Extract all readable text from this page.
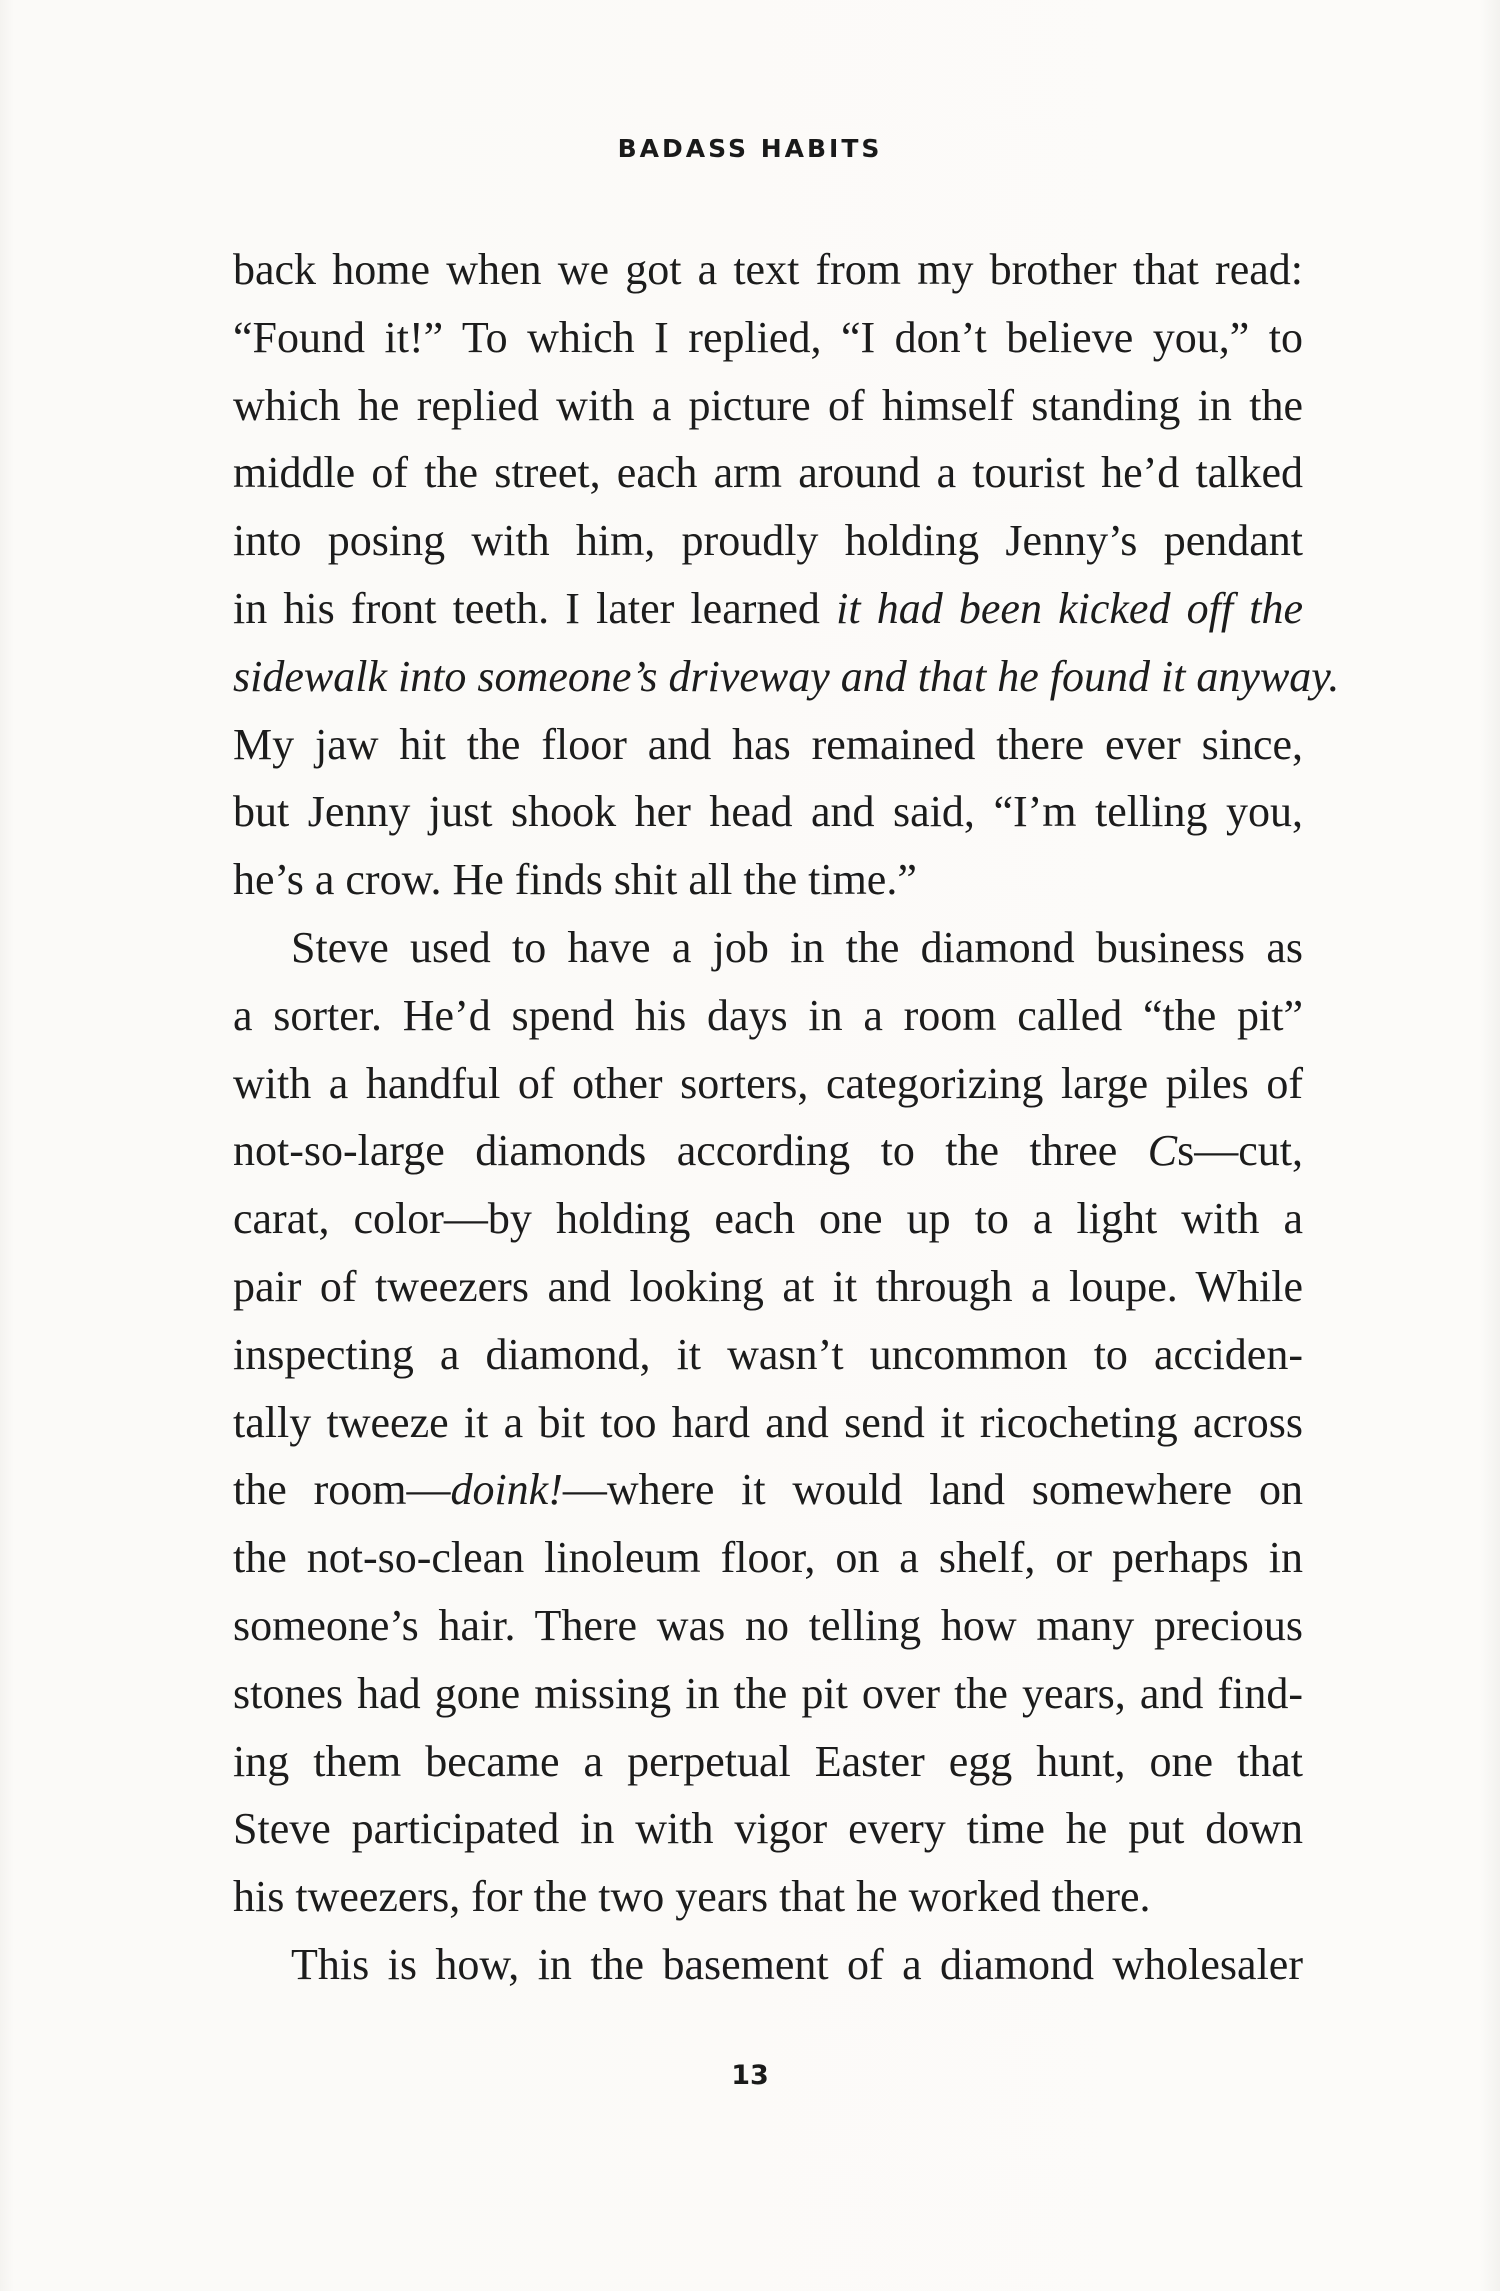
BADASS HABITS
back home when we got a text from my brother that read:
“Found it!” To which I replied, “I don’t believe you,” to
which he replied with a picture of himself standing in the
middle of the street, each arm around a tourist he’d talked
into posing with him, proudly holding Jenny’s pendant
in his front teeth. I later learned it had been kicked off the
sidewalk into someone’s driveway and that he found it anyway.
My jaw hit the floor and has remained there ever since,
but Jenny just shook her head and said, “I’m telling you,
he’s a crow. He finds shit all the time.”
Steve used to have a job in the diamond business as
a sorter. He’d spend his days in a room called “the pit”
with a handful of other sorters, categorizing large piles of
not-so-large diamonds according to the three Cs—cut,
carat, color—by holding each one up to a light with a
pair of tweezers and looking at it through a loupe. While
inspecting a diamond, it wasn’t uncommon to acciden-
tally tweeze it a bit too hard and send it ricocheting across
the room—doink!—where it would land somewhere on
the not-so-clean linoleum floor, on a shelf, or perhaps in
someone’s hair. There was no telling how many precious
stones had gone missing in the pit over the years, and find-
ing them became a perpetual Easter egg hunt, one that
Steve participated in with vigor every time he put down
his tweezers, for the two years that he worked there.
This is how, in the basement of a diamond wholesaler
13
